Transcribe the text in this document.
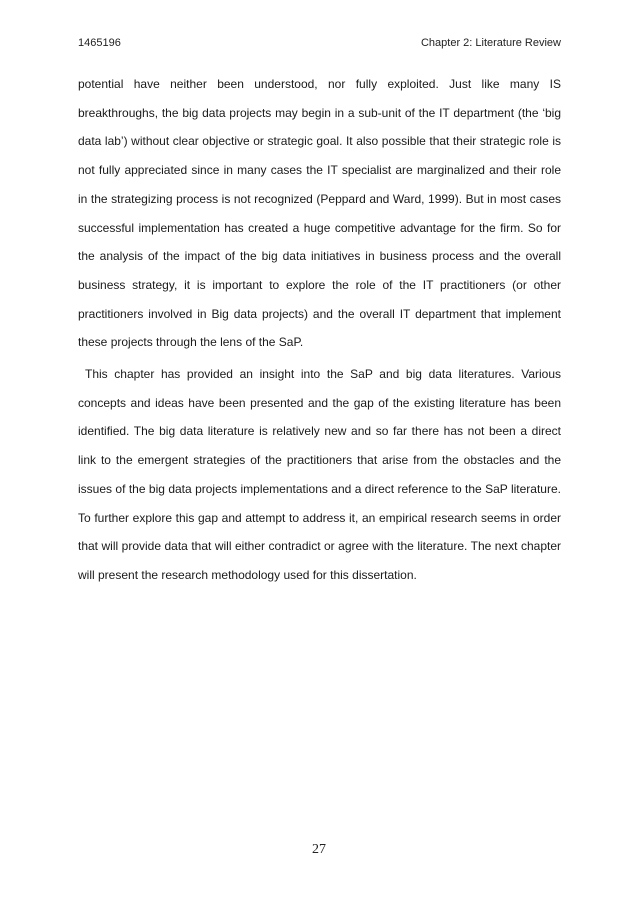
1465196	Chapter 2: Literature Review

potential have neither been understood, nor fully exploited. Just like many IS breakthroughs, the big data projects may begin in a sub-unit of the IT department (the ‘big data lab’) without clear objective or strategic goal. It also possible that their strategic role is not fully appreciated since in many cases the IT specialist are marginalized and their role in the strategizing process is not recognized (Peppard and Ward, 1999). But in most cases successful implementation has created a huge competitive advantage for the firm. So for the analysis of the impact of the big data initiatives in business process and the overall business strategy, it is important to explore the role of the IT practitioners (or other practitioners involved in Big data projects) and the overall IT department that implement these projects through the lens of the SaP.

This chapter has provided an insight into the SaP and big data literatures. Various concepts and ideas have been presented and the gap of the existing literature has been identified. The big data literature is relatively new and so far there has not been a direct link to the emergent strategies of the practitioners that arise from the obstacles and the issues of the big data projects implementations and a direct reference to the SaP literature. To further explore this gap and attempt to address it, an empirical research seems in order that will provide data that will either contradict or agree with the literature. The next chapter will present the research methodology used for this dissertation.

27
